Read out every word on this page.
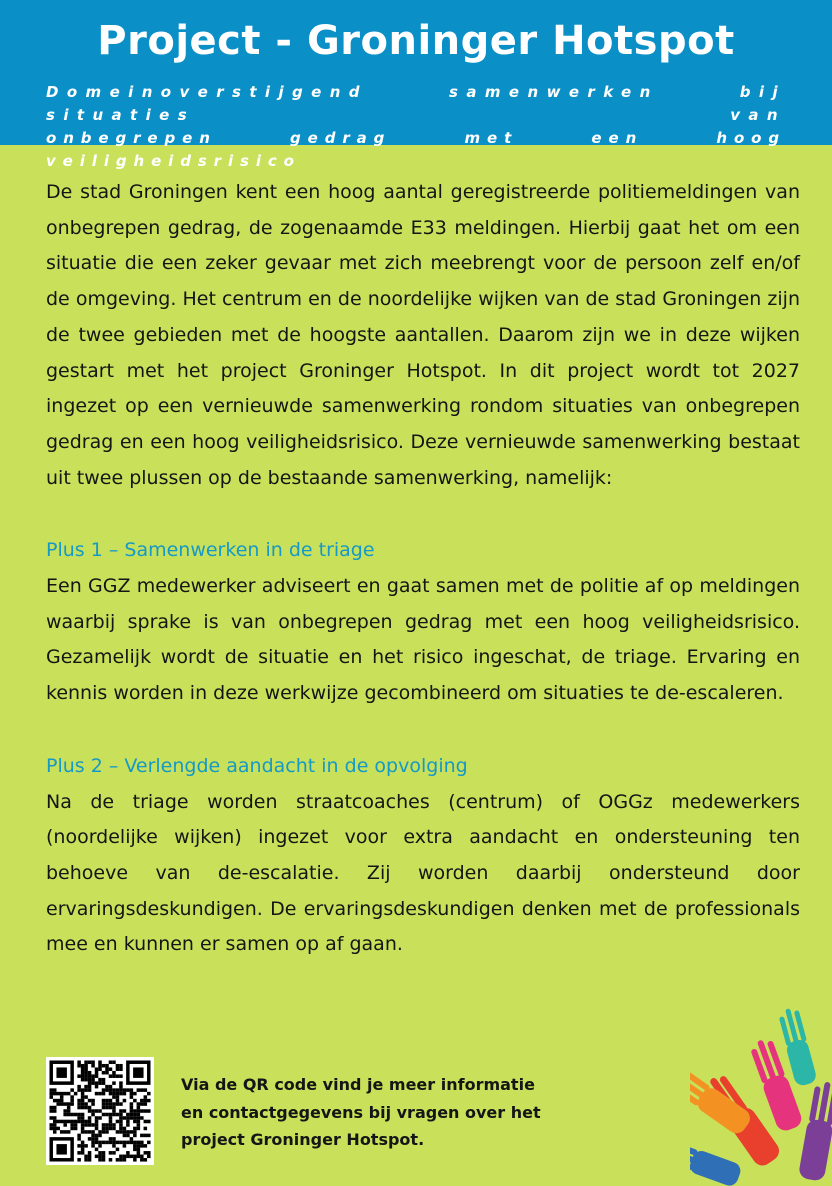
Project - Groninger Hotspot
Domeinoverstijgend samenwerken bij situaties van
onbegrepen gedrag met een hoog veiligheidsrisico

De stad Groningen kent een hoog aantal geregistreerde politiemeldingen van onbegrepen gedrag, de zogenaamde E33 meldingen. Hierbij gaat het om een situatie die een zeker gevaar met zich meebrengt voor de persoon zelf en/of de omgeving. Het centrum en de noordelijke wijken van de stad Groningen zijn de twee gebieden met de hoogste aantallen. Daarom zijn we in deze wijken gestart met het project Groninger Hotspot. In dit project wordt tot 2027 ingezet op een vernieuwde samenwerking rondom situaties van onbegrepen gedrag en een hoog veiligheidsrisico. Deze vernieuwde samenwerking bestaat uit twee plussen op de bestaande samenwerking, namelijk:

Plus 1 – Samenwerken in de triage

Een GGZ medewerker adviseert en gaat samen met de politie af op meldingen waarbij sprake is van onbegrepen gedrag met een hoog veiligheidsrisico. Gezamelijk wordt de situatie en het risico ingeschat, de triage. Ervaring en kennis worden in deze werkwijze gecombineerd om situaties te de-escaleren.

Plus 2 – Verlengde aandacht in de opvolging

Na de triage worden straatcoaches (centrum) of OGGz medewerkers (noordelijke wijken) ingezet voor extra aandacht en ondersteuning ten behoeve van de-escalatie. Zij worden daarbij ondersteund door ervaringsdeskundigen. De ervaringsdeskundigen denken met de professionals mee en kunnen er samen op af gaan.

Via de QR code vind je meer informatie
en contactgegevens bij vragen over het
project Groninger Hotspot.
